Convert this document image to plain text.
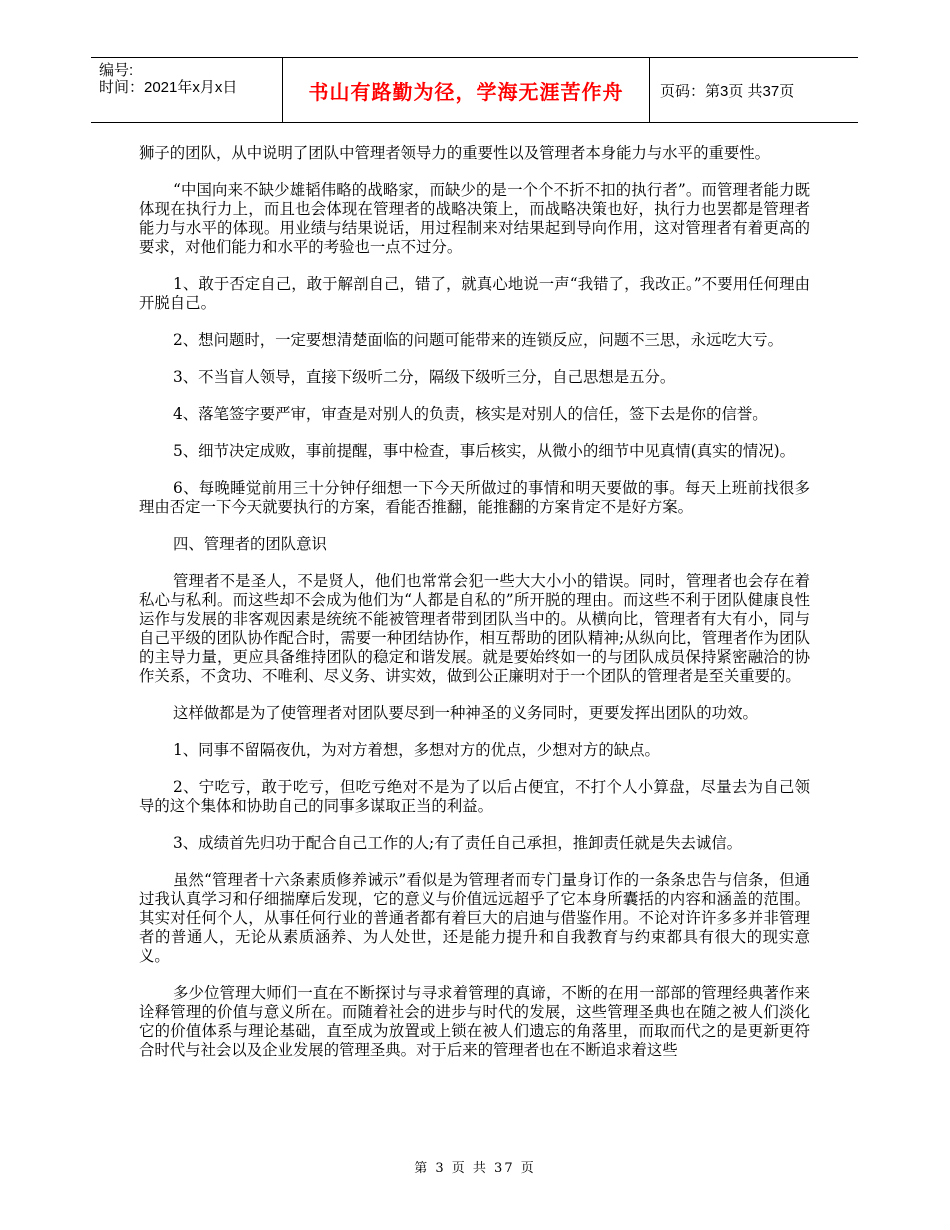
编号:
时间：2021年x月x日	书山有路勤为径，学海无涯苦作舟	页码：第3页 共37页

狮子的团队，从中说明了团队中管理者领导力的重要性以及管理者本身能力与水平的重要性。

“中国向来不缺少雄韬伟略的战略家，而缺少的是一个个不折不扣的执行者”。而管理者能力既体现在执行力上，而且也会体现在管理者的战略决策上，而战略决策也好，执行力也罢都是管理者能力与水平的体现。用业绩与结果说话，用过程制来对结果起到导向作用，这对管理者有着更高的要求，对他们能力和水平的考验也一点不过分。

1、敢于否定自己，敢于解剖自己，错了，就真心地说一声“我错了，我改正。”不要用任何理由开脱自己。

2、想问题时，一定要想清楚面临的问题可能带来的连锁反应，问题不三思，永远吃大亏。

3、不当盲人领导，直接下级听二分，隔级下级听三分，自己思想是五分。

4、落笔签字要严审，审查是对别人的负责，核实是对别人的信任，签下去是你的信誉。

5、细节决定成败，事前提醒，事中检查，事后核实，从微小的细节中见真情(真实的情况)。

6、每晚睡觉前用三十分钟仔细想一下今天所做过的事情和明天要做的事。每天上班前找很多理由否定一下今天就要执行的方案，看能否推翻，能推翻的方案肯定不是好方案。

四、管理者的团队意识

管理者不是圣人，不是贤人，他们也常常会犯一些大大小小的错误。同时，管理者也会存在着私心与私利。而这些却不会成为他们为“人都是自私的”所开脱的理由。而这些不利于团队健康良性运作与发展的非客观因素是统统不能被管理者带到团队当中的。从横向比，管理者有大有小，同与自己平级的团队协作配合时，需要一种团结协作，相互帮助的团队精神;从纵向比，管理者作为团队的主导力量，更应具备维持团队的稳定和谐发展。就是要始终如一的与团队成员保持紧密融洽的协作关系，不贪功、不唯利、尽义务、讲实效，做到公正廉明对于一个团队的管理者是至关重要的。

这样做都是为了使管理者对团队要尽到一种神圣的义务同时，更要发挥出团队的功效。

1、同事不留隔夜仇，为对方着想，多想对方的优点，少想对方的缺点。

2、宁吃亏，敢于吃亏，但吃亏绝对不是为了以后占便宜，不打个人小算盘，尽量去为自己领导的这个集体和协助自己的同事多谋取正当的利益。

3、成绩首先归功于配合自己工作的人;有了责任自己承担，推卸责任就是失去诚信。

虽然“管理者十六条素质修养诫示”看似是为管理者而专门量身订作的一条条忠告与信条，但通过我认真学习和仔细揣摩后发现，它的意义与价值远远超乎了它本身所囊括的内容和涵盖的范围。其实对任何个人，从事任何行业的普通者都有着巨大的启迪与借鉴作用。不论对许许多多并非管理者的普通人，无论从素质涵养、为人处世，还是能力提升和自我教育与约束都具有很大的现实意义。

多少位管理大师们一直在不断探讨与寻求着管理的真谛，不断的在用一部部的管理经典著作来诠释管理的价值与意义所在。而随着社会的进步与时代的发展，这些管理圣典也在随之被人们淡化它的价值体系与理论基础，直至成为放置或上锁在被人们遗忘的角落里，而取而代之的是更新更符合时代与社会以及企业发展的管理圣典。对于后来的管理者也在不断追求着这些

第 3 页 共 37 页
